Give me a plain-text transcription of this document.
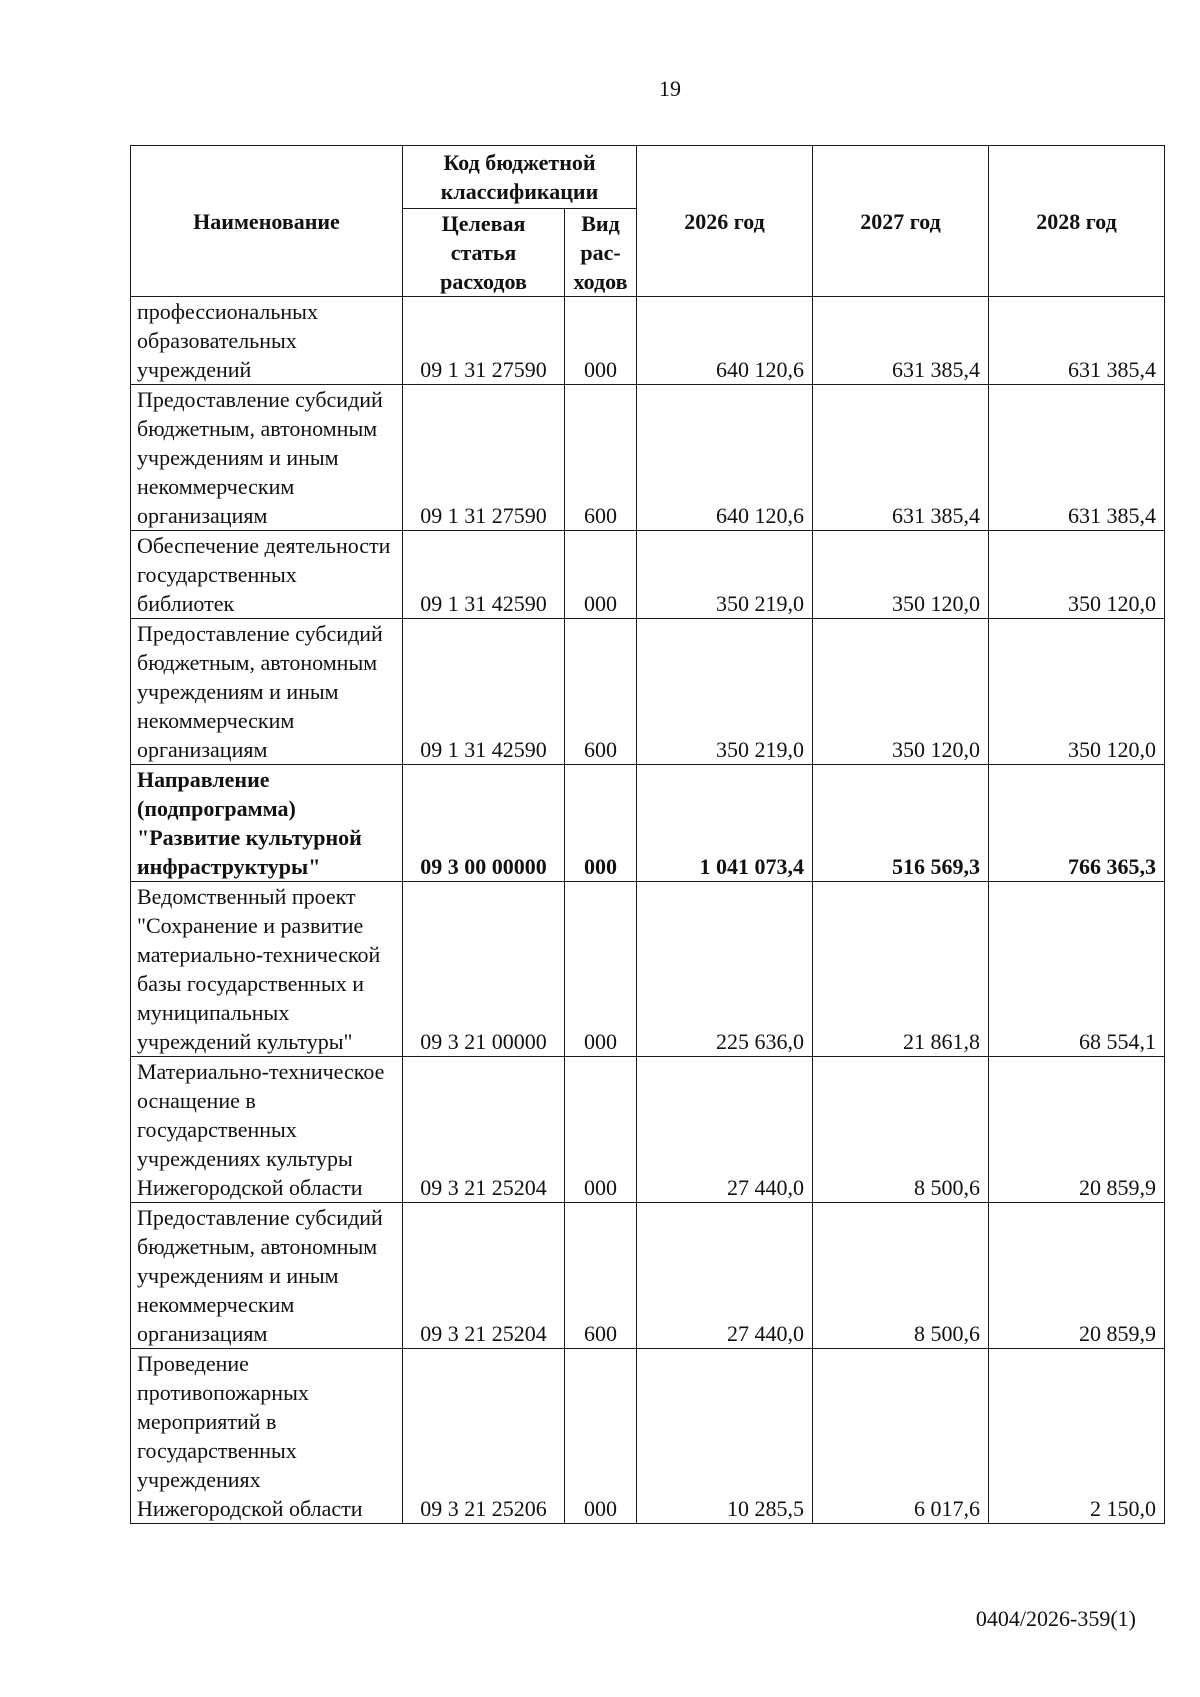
19
Наименование	Код бюджетной классификации		2026 год	2027 год	2028 год
	Целевая статья расходов	Вид рас- ходов			
профессиональных образовательных учреждений	09 1 31 27590	000	640 120,6	631 385,4	631 385,4
Предоставление субсидий бюджетным, автономным учреждениям и иным некоммерческим организациям	09 1 31 27590	600	640 120,6	631 385,4	631 385,4
Обеспечение деятельности государственных библиотек	09 1 31 42590	000	350 219,0	350 120,0	350 120,0
Предоставление субсидий бюджетным, автономным учреждениям и иным некоммерческим организациям	09 1 31 42590	600	350 219,0	350 120,0	350 120,0
Направление (подпрограмма) "Развитие культурной инфраструктуры"	09 3 00 00000	000	1 041 073,4	516 569,3	766 365,3
Ведомственный проект "Сохранение и развитие материально-технической базы государственных и муниципальных учреждений культуры"	09 3 21 00000	000	225 636,0	21 861,8	68 554,1
Материально-техническое оснащение в государственных учреждениях культуры Нижегородской области	09 3 21 25204	000	27 440,0	8 500,6	20 859,9
Предоставление субсидий бюджетным, автономным учреждениям и иным некоммерческим организациям	09 3 21 25204	600	27 440,0	8 500,6	20 859,9
Проведение противопожарных мероприятий в государственных учреждениях Нижегородской области	09 3 21 25206	000	10 285,5	6 017,6	2 150,0
0404/2026-359(1)
